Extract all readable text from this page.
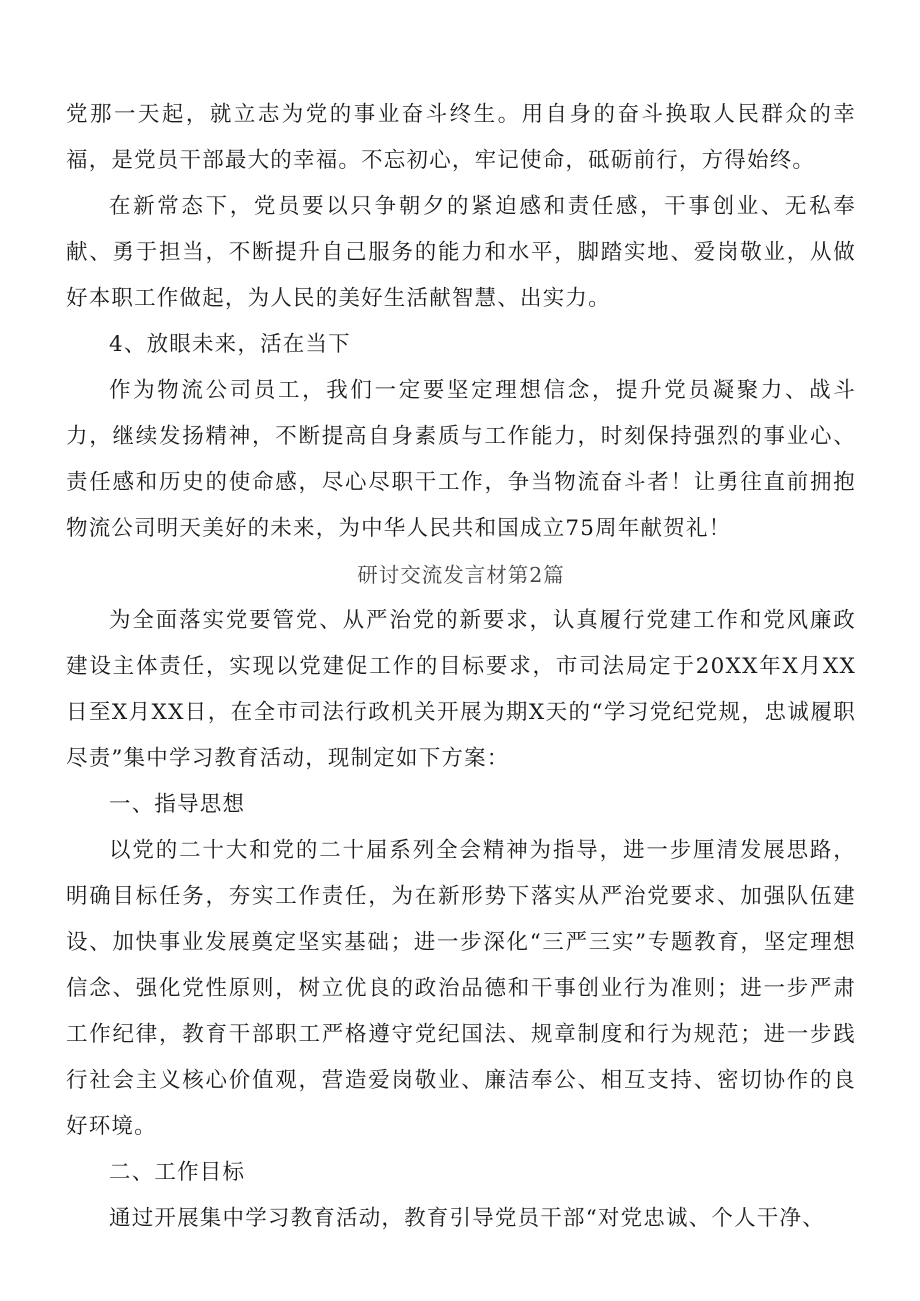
党那一天起，就立志为党的事业奋斗终生。用自身的奋斗换取人民群众的幸福，是党员干部最大的幸福。不忘初心，牢记使命，砥砺前行，方得始终。

在新常态下，党员要以只争朝夕的紧迫感和责任感，干事创业、无私奉献、勇于担当，不断提升自己服务的能力和水平，脚踏实地、爱岗敬业，从做好本职工作做起，为人民的美好生活献智慧、出实力。

4、放眼未来，活在当下

作为物流公司员工，我们一定要坚定理想信念，提升党员凝聚力、战斗力，继续发扬精神，不断提高自身素质与工作能力，时刻保持强烈的事业心、责任感和历史的使命感，尽心尽职干工作，争当物流奋斗者！让勇往直前拥抱物流公司明天美好的未来，为中华人民共和国成立75周年献贺礼！

研讨交流发言材第2篇

为全面落实党要管党、从严治党的新要求，认真履行党建工作和党风廉政建设主体责任，实现以党建促工作的目标要求，市司法局定于20XX年X月XX日至X月XX日，在全市司法行政机关开展为期X天的“学习党纪党规，忠诚履职尽责”集中学习教育活动，现制定如下方案：

一、指导思想

以党的二十大和党的二十届系列全会精神为指导，进一步厘清发展思路，明确目标任务，夯实工作责任，为在新形势下落实从严治党要求、加强队伍建设、加快事业发展奠定坚实基础；进一步深化“三严三实”专题教育，坚定理想信念、强化党性原则，树立优良的政治品德和干事创业行为准则；进一步严肃工作纪律，教育干部职工严格遵守党纪国法、规章制度和行为规范；进一步践行社会主义核心价值观，营造爱岗敬业、廉洁奉公、相互支持、密切协作的良好环境。

二、工作目标

通过开展集中学习教育活动，教育引导党员干部“对党忠诚、个人干净、
